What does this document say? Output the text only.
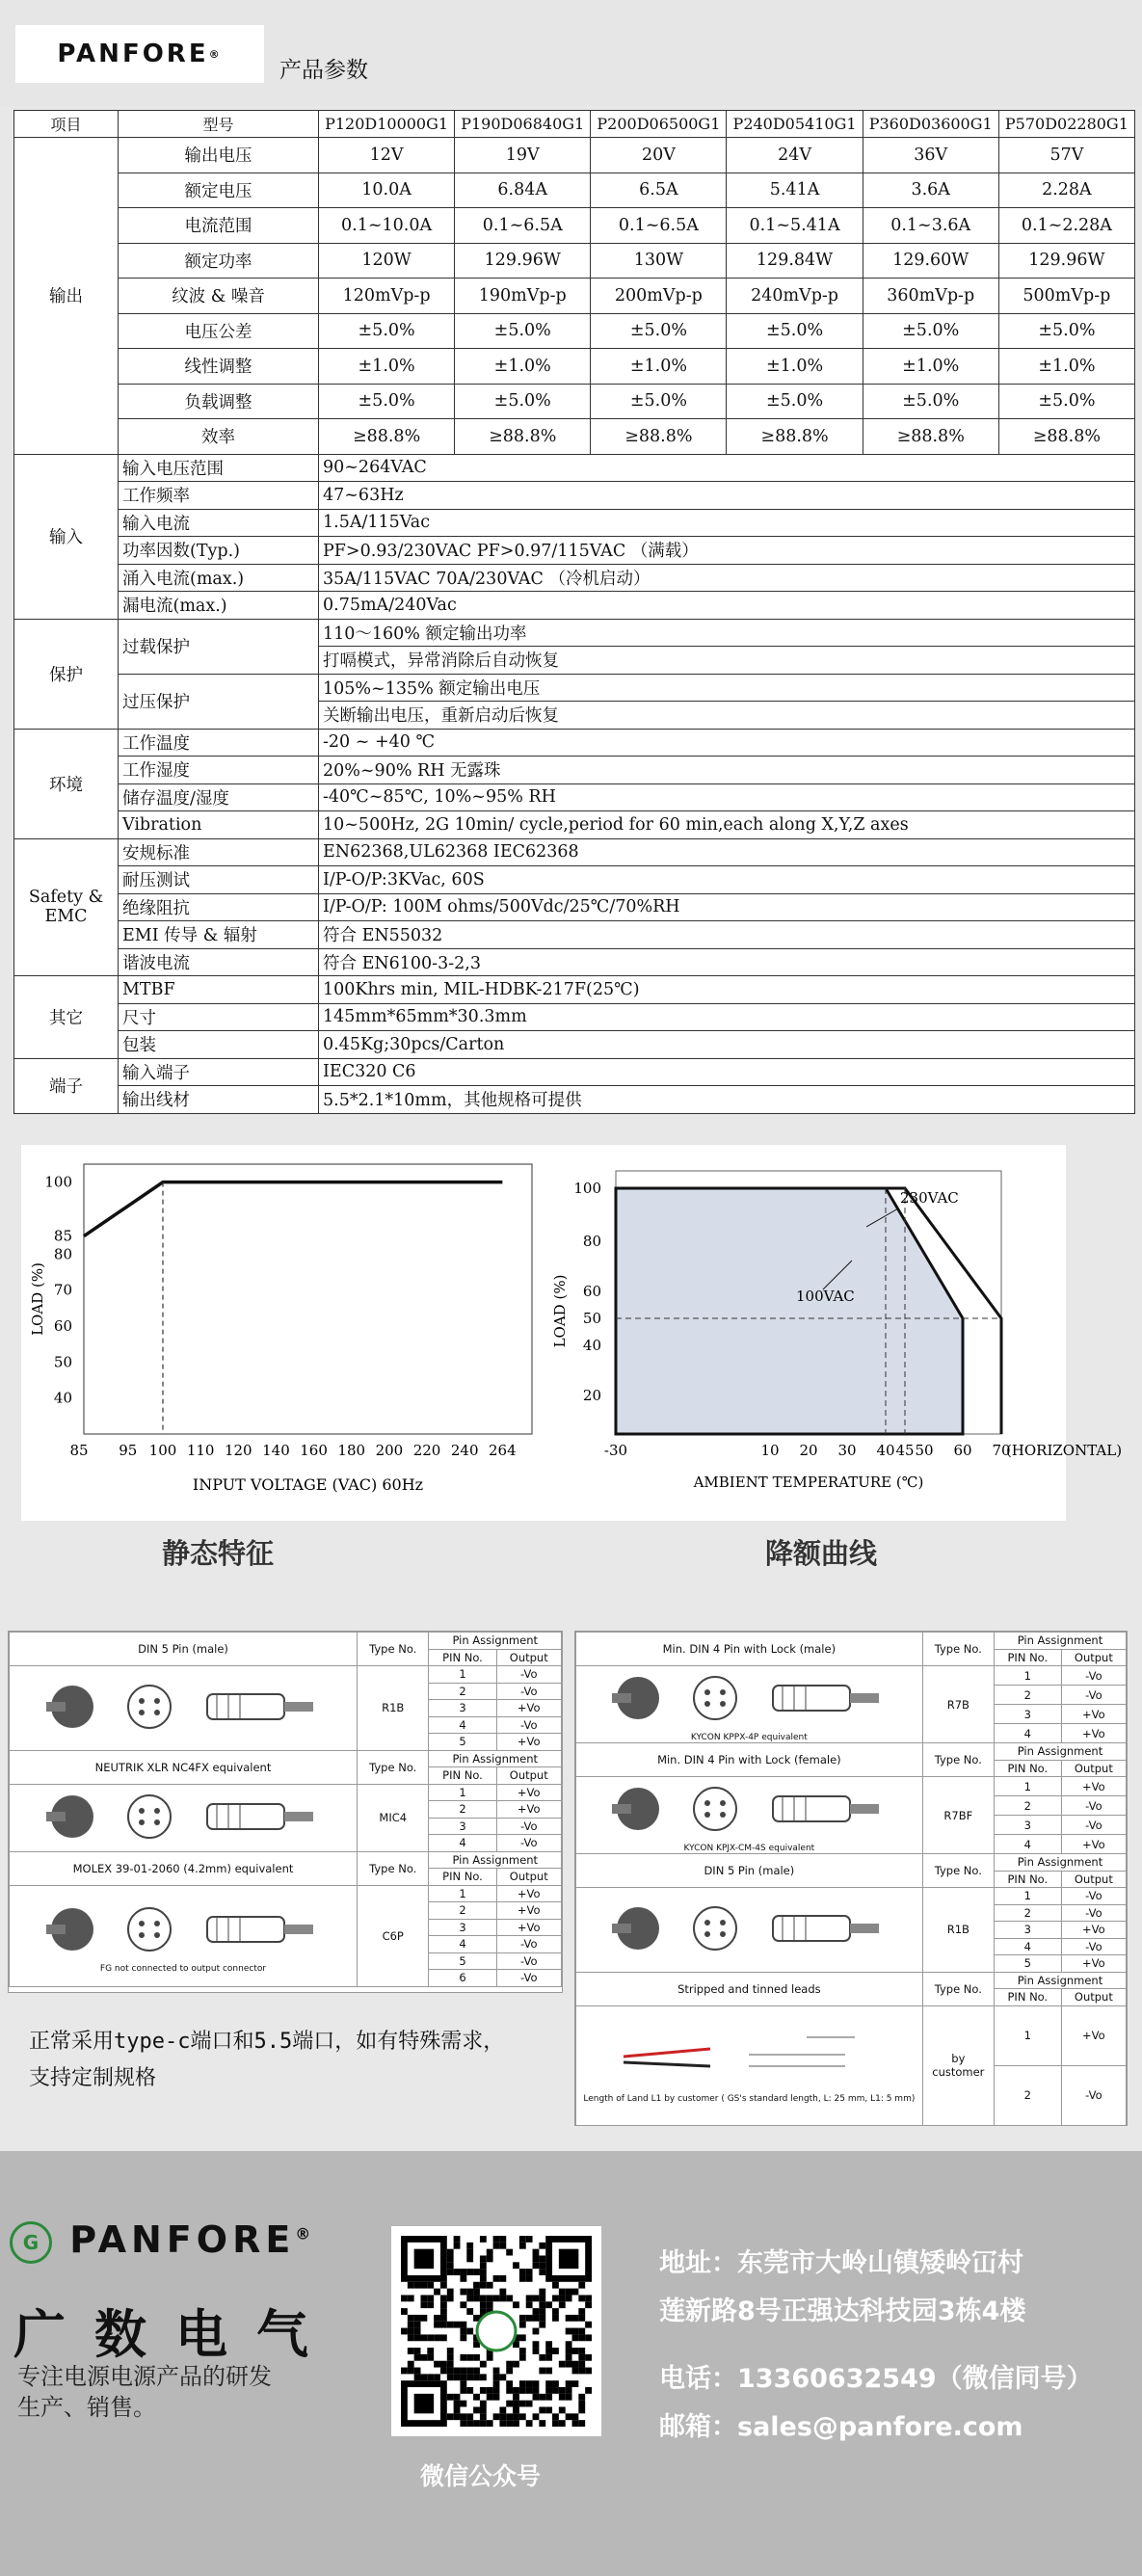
PANFORE ®
产品参数
项目	型号	P120D10000G1	P190D06840G1	P200D06500G1	P240D05410G1	P360D03600G1	P570D02280G1
输出	输出电压	12V	19V	20V	24V	36V	57V
	额定电压	10.0A	6.84A	6.5A	5.41A	3.6A	2.28A
	电流范围	0.1~10.0A	0.1~6.5A	0.1~6.5A	0.1~5.41A	0.1~3.6A	0.1~2.28A
	额定功率	120W	129.96W	130W	129.84W	129.60W	129.96W
	纹波 & 噪音	120mVp-p	190mVp-p	200mVp-p	240mVp-p	360mVp-p	500mVp-p
	电压公差	±5.0%	±5.0%	±5.0%	±5.0%	±5.0%	±5.0%
	线性调整	±1.0%	±1.0%	±1.0%	±1.0%	±1.0%	±1.0%
	负载调整	±5.0%	±5.0%	±5.0%	±5.0%	±5.0%	±5.0%
	效率	≥88.8%	≥88.8%	≥88.8%	≥88.8%	≥88.8%	≥88.8%
输入	输入电压范围	90~264VAC					
	工作频率	47~63Hz					
	输入电流	1.5A/115Vac					
	功率因数(Typ.)	PF>0.93/230VAC PF>0.97/115VAC （满载）					
	涌入电流(max.)	35A/115VAC 70A/230VAC （冷机启动）					
	漏电流(max.)	0.75mA/240Vac					
保护	过载保护	110～160% 额定输出功率					
		打嗝模式，异常消除后自动恢复					
	过压保护	105%~135% 额定输出电压					
		关断输出电压，重新启动后恢复					
环境	工作温度	-20 ~ +40 ℃					
	工作湿度	20%~90% RH 无露珠					
	储存温度/湿度	-40℃~85℃, 10%~95% RH					
	Vibration	10~500Hz, 2G 10min/ cycle,period for 60 min,each along X,Y,Z axes					

Safety &
EMC	安规标准	EN62368,UL62368 IEC62368					
	耐压测试	I/P-O/P:3KVac, 60S					
	绝缘阻抗	I/P-O/P: 100M ohms/500Vdc/25℃/70%RH					
	EMI 传导 & 辐射	符合 EN55032					
	谐波电流	符合 EN6100-3-2,3					
其它	MTBF	100Khrs min, MIL-HDBK-217F(25℃)					
	尺寸	145mm*65mm*30.3mm					
	包装	0.45Kg;30pcs/Carton					
端子	输入端子	IEC320 C6					
	输出线材	5.5*2.1*10mm，其他规格可提供					
85 95 100 110 120 140 160 180 200 220 240 264
40
50
60
70
80
85
100
INPUT VOLTAGE (VAC) 60Hz
LOAD (%)
-30	10 20 30 40 45 50 60 70
(HORIZONTAL)
20
40
50
60
80
100
230VAC
100VAC
AMBIENT TEMPERATURE (℃)
LOAD (%)
静态特征	降额曲线
DIN 5 Pin (male)	Type No.	Pin Assignment	
		PIN No.	Output
	R1B	1	-Vo
		2	-Vo
		3	+Vo
		4	-Vo
		5	+Vo
NEUTRIK XLR NC4FX equivalent	Type No.	Pin Assignment	
		PIN No.	Output
	MIC4	1	+Vo
		2	+Vo
		3	-Vo
		4	-Vo
MOLEX 39-01-2060 (4.2mm) equivalent	Type No.	Pin Assignment	
		PIN No.	Output

FG not connected to output connector	C6P	1	+Vo
		2	+Vo
		3	+Vo
		4	-Vo
		5	-Vo
		6	-Vo
Min. DIN 4 Pin with Lock (male)	Type No.	Pin Assignment	
		PIN No.	Output

KYCON KPPX-4P equivalent	R7B	1	-Vo
		2	-Vo
		3	+Vo
		4	+Vo
Min. DIN 4 Pin with Lock (female)	Type No.	Pin Assignment	
		PIN No.	Output

KYCON KPJX-CM-4S equivalent	R7BF	1	+Vo
		2	-Vo
		3	-Vo
		4	+Vo
DIN 5 Pin (male)	Type No.	Pin Assignment	
		PIN No.	Output
	R1B	1	-Vo
		2	-Vo
		3	+Vo
		4	-Vo
		5	+Vo
Stripped and tinned leads	Type No.	Pin Assignment	
		PIN No.	Output

Length of Land L1 by customer ( GS's standard length, L: 25 mm, L1: 5 mm)	by customer	1	+Vo
		2	-Vo
正常采用type-c端口和5.5端口，如有特殊需求，
支持定制规格
G PANFORE®
广数电气
专注电源电源产品的研发
生产、销售。
微信公众号
地址：东莞市大岭山镇矮岭冚村
莲新路8号正强达科技园3栋4楼
电话：13360632549（微信同号）
邮箱：sales@panfore.com
